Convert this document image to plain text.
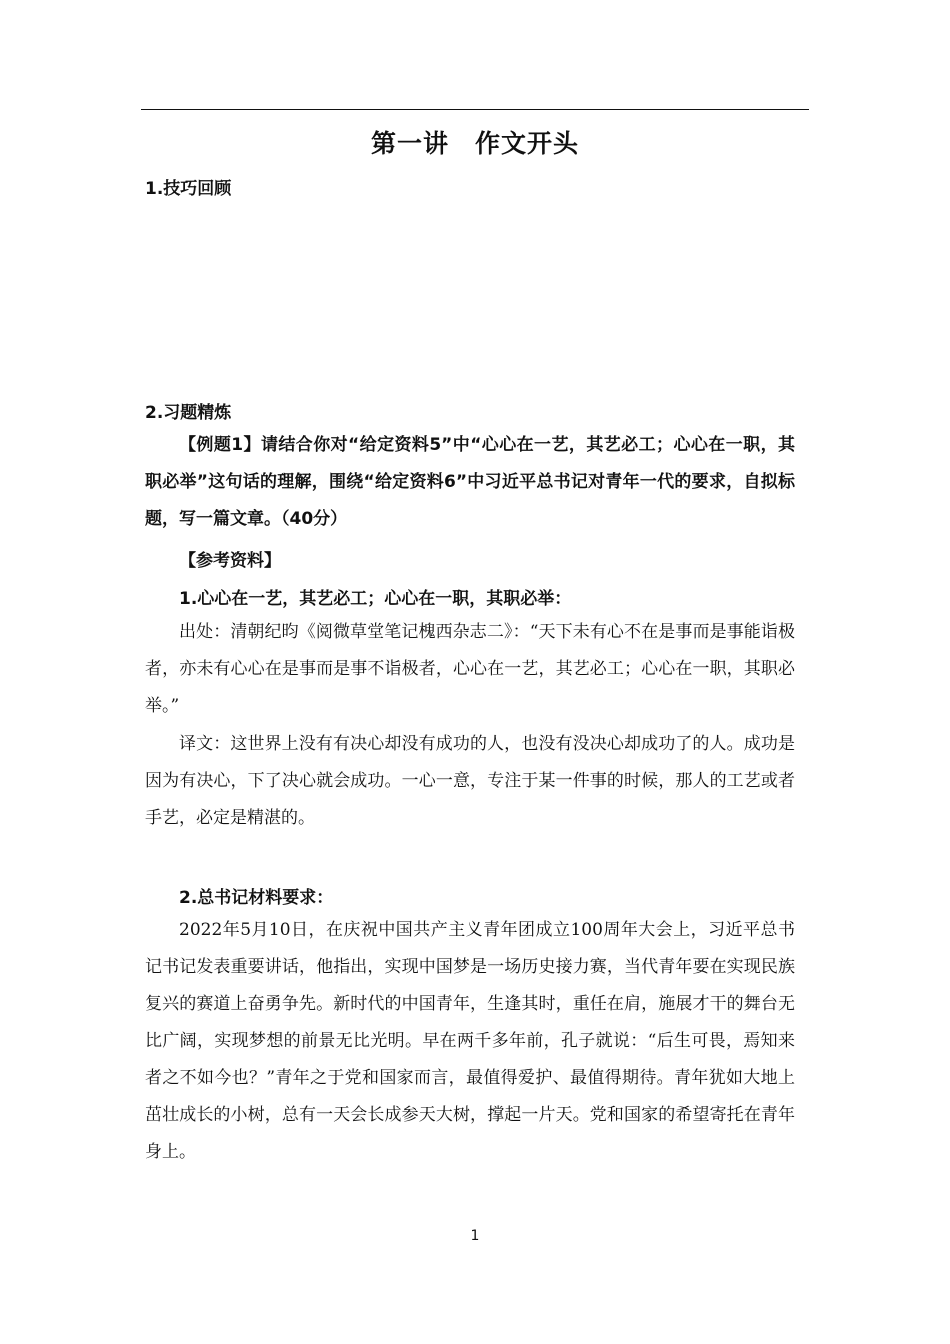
第一讲　作文开头
1.技巧回顾
2.习题精炼

【例题1】请结合你对“给定资料5”中“心心在一艺，其艺必工；心心在一职，其职必举”这句话的理解，围绕“给定资料6”中习近平总书记对青年一代的要求，自拟标题，写一篇文章。（40分）

【参考资料】
1.心心在一艺，其艺必工；心心在一职，其职必举：

出处：清朝纪昀《阅微草堂笔记槐西杂志二》：“天下未有心不在是事而是事能诣极者，亦未有心心在是事而是事不诣极者，心心在一艺，其艺必工；心心在一职，其职必举。”

译文：这世界上没有有决心却没有成功的人，也没有没决心却成功了的人。成功是因为有决心，下了决心就会成功。一心一意，专注于某一件事的时候，那人的工艺或者手艺，必定是精湛的。

2.总书记材料要求：

2022年5月10日，在庆祝中国共产主义青年团成立100周年大会上，习近平总书记书记发表重要讲话，他指出，实现中国梦是一场历史接力赛，当代青年要在实现民族复兴的赛道上奋勇争先。新时代的中国青年，生逢其时，重任在肩，施展才干的舞台无比广阔，实现梦想的前景无比光明。早在两千多年前，孔子就说：“后生可畏，焉知来者之不如今也？”青年之于党和国家而言，最值得爱护、最值得期待。青年犹如大地上茁壮成长的小树，总有一天会长成参天大树，撑起一片天。党和国家的希望寄托在青年身上。

1
